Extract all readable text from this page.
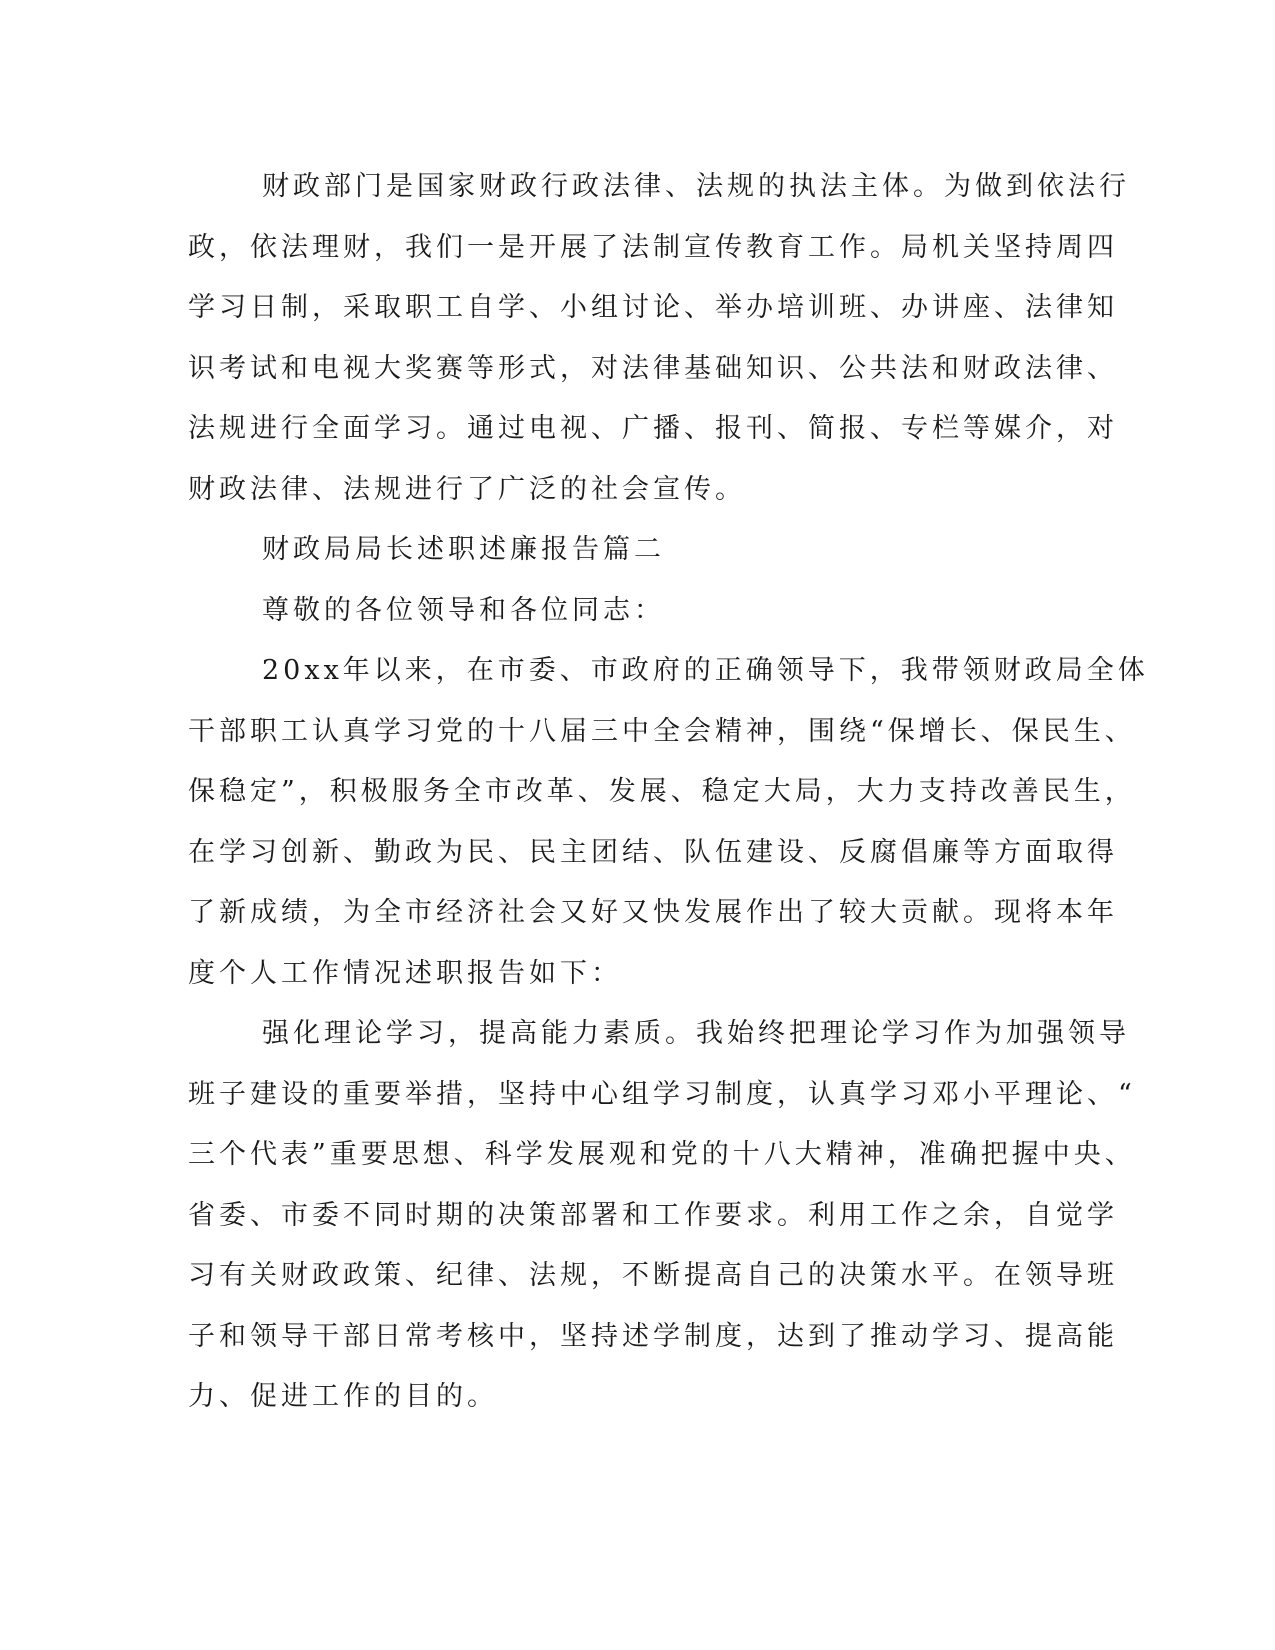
财政部门是国家财政行政法律、法规的执法主体。为做到依法行
政，依法理财，我们一是开展了法制宣传教育工作。局机关坚持周四
学习日制，采取职工自学、小组讨论、举办培训班、办讲座、法律知
识考试和电视大奖赛等形式，对法律基础知识、公共法和财政法律、
法规进行全面学习。通过电视、广播、报刊、简报、专栏等媒介，对
财政法律、法规进行了广泛的社会宣传。
财政局局长述职述廉报告篇二
尊敬的各位领导和各位同志：
20xx年以来，在市委、市政府的正确领导下，我带领财政局全体
干部职工认真学习党的十八届三中全会精神，围绕“保增长、保民生、
保稳定”，积极服务全市改革、发展、稳定大局，大力支持改善民生，
在学习创新、勤政为民、民主团结、队伍建设、反腐倡廉等方面取得
了新成绩，为全市经济社会又好又快发展作出了较大贡献。现将本年
度个人工作情况述职报告如下：
强化理论学习，提高能力素质。我始终把理论学习作为加强领导
班子建设的重要举措，坚持中心组学习制度，认真学习邓小平理论、“
三个代表”重要思想、科学发展观和党的十八大精神，准确把握中央、
省委、市委不同时期的决策部署和工作要求。利用工作之余，自觉学
习有关财政政策、纪律、法规，不断提高自己的决策水平。在领导班
子和领导干部日常考核中，坚持述学制度，达到了推动学习、提高能
力、促进工作的目的。
